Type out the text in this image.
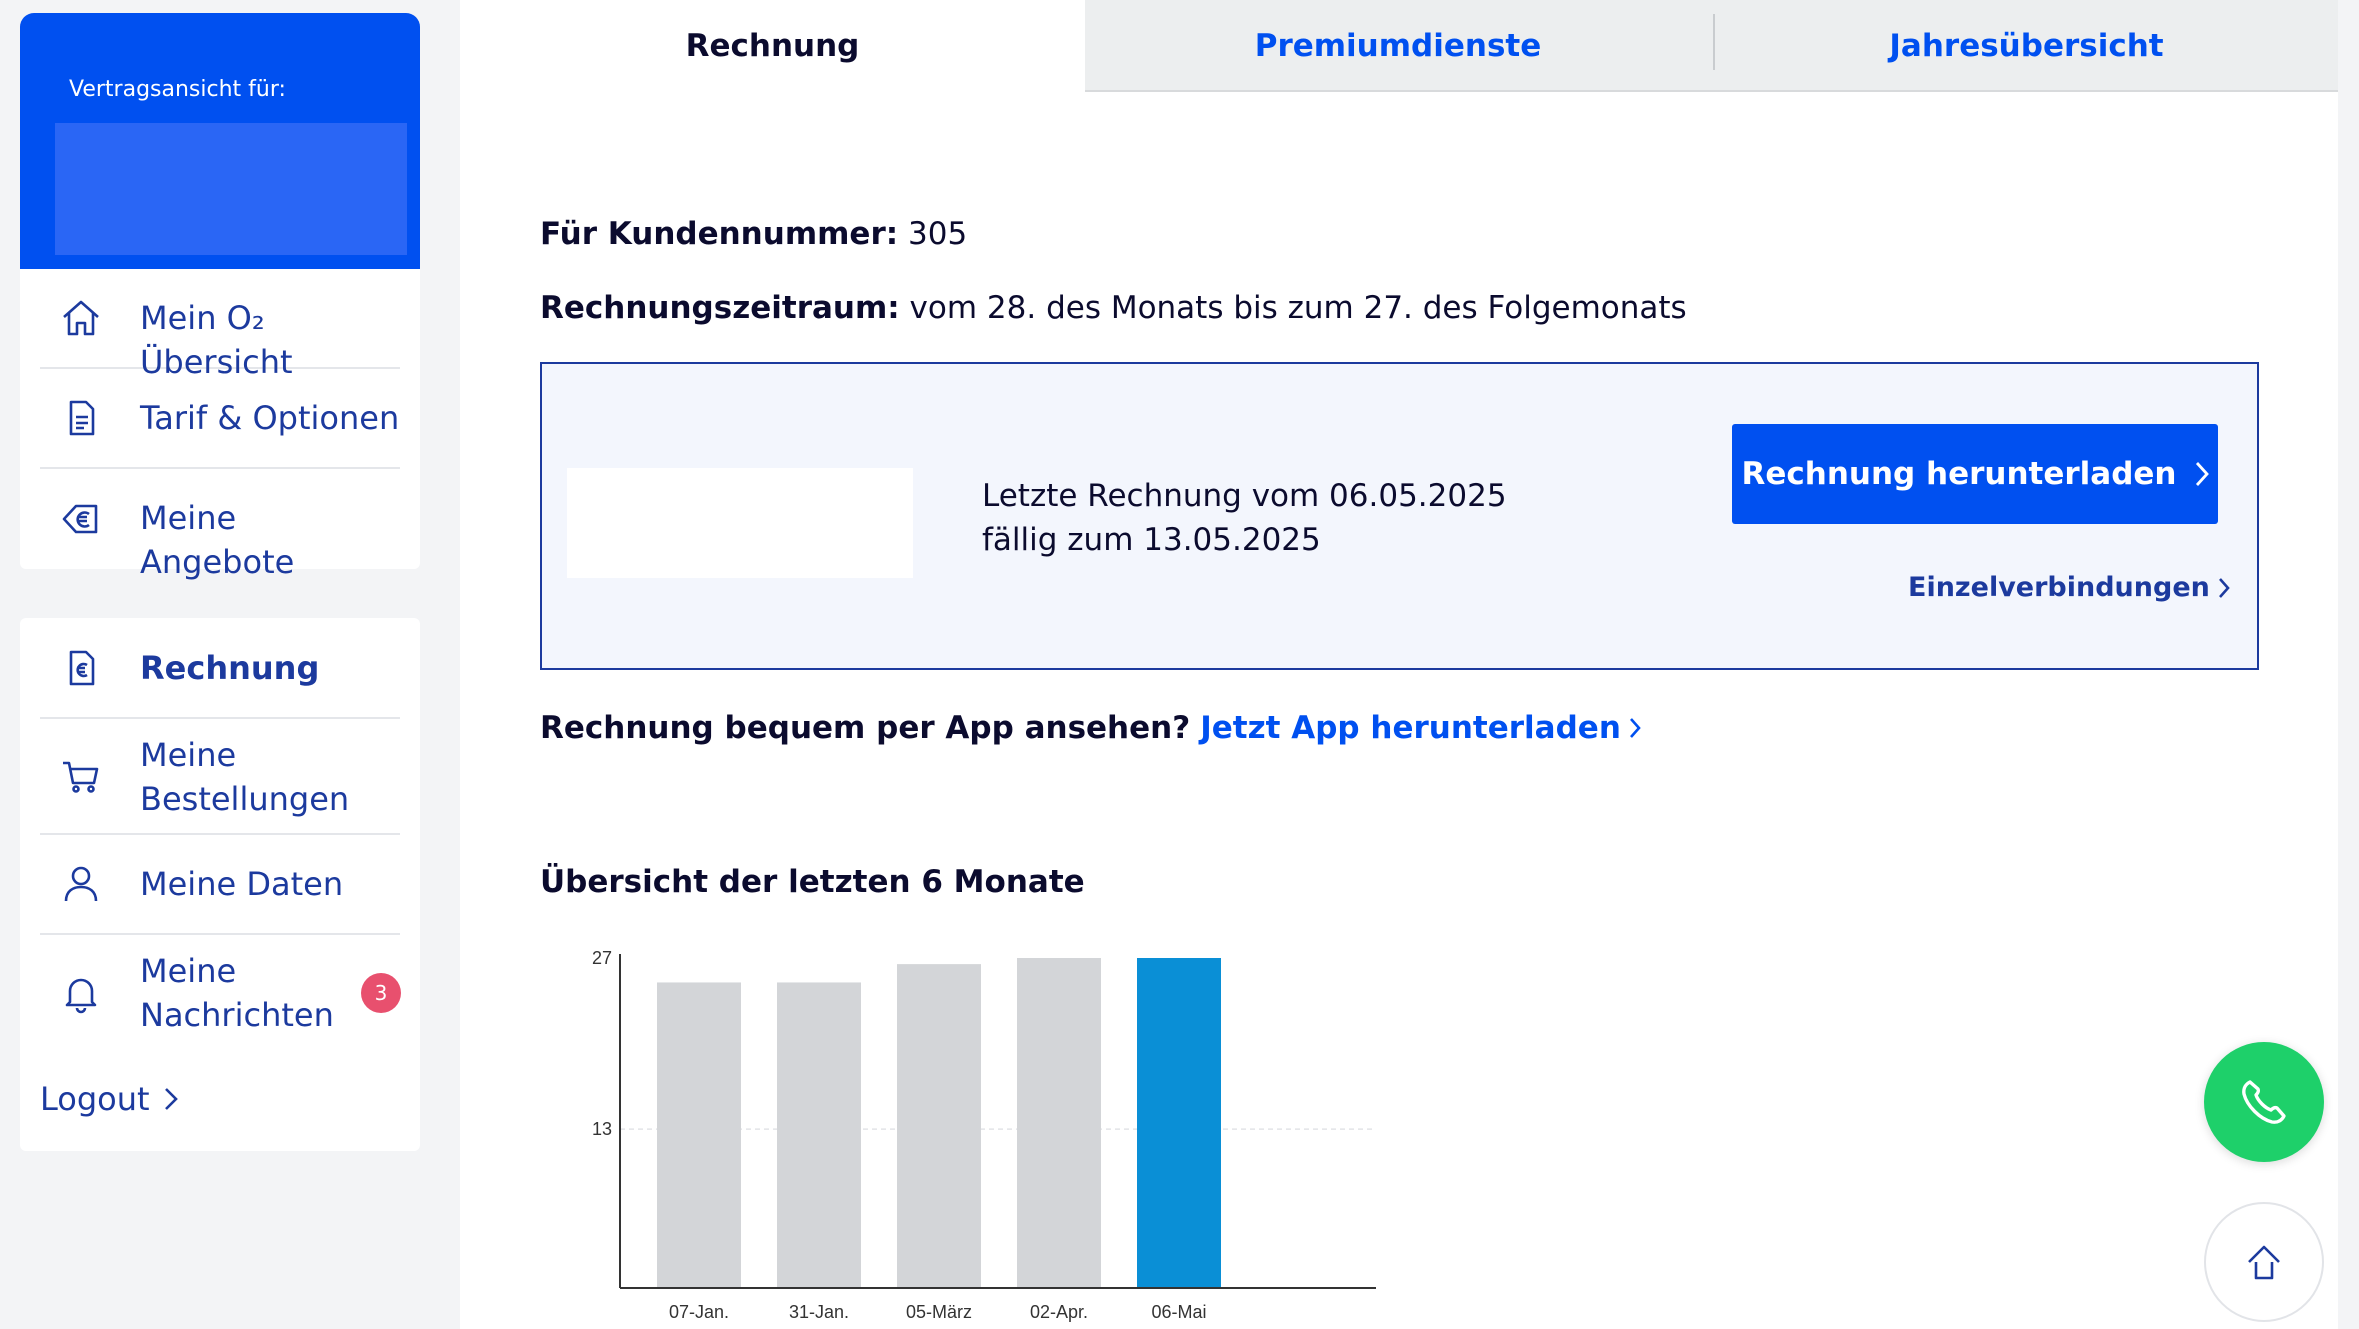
Vertragsansicht für:
Mein O₂ Übersicht
Tarif & Optionen
Meine Angebote
Rechnung
Meine
Bestellungen
Meine Daten
Meine
Nachrichten
3
Logout
Rechnung	Premiumdienste	Jahresübersicht
Für Kundennummer: 305
Rechnungszeitraum: vom 28. des Monats bis zum 27. des Folgemonats
Letzte Rechnung vom 06.05.2025
fällig zum 13.05.2025
Rechnung herunterladen
Einzelverbindungen
Rechnung bequem per App ansehen? Jetzt App herunterladen
Übersicht der letzten 6 Monate
13
27
07-Jan.	31-Jan.	05-März	02-Apr.	06-Mai
